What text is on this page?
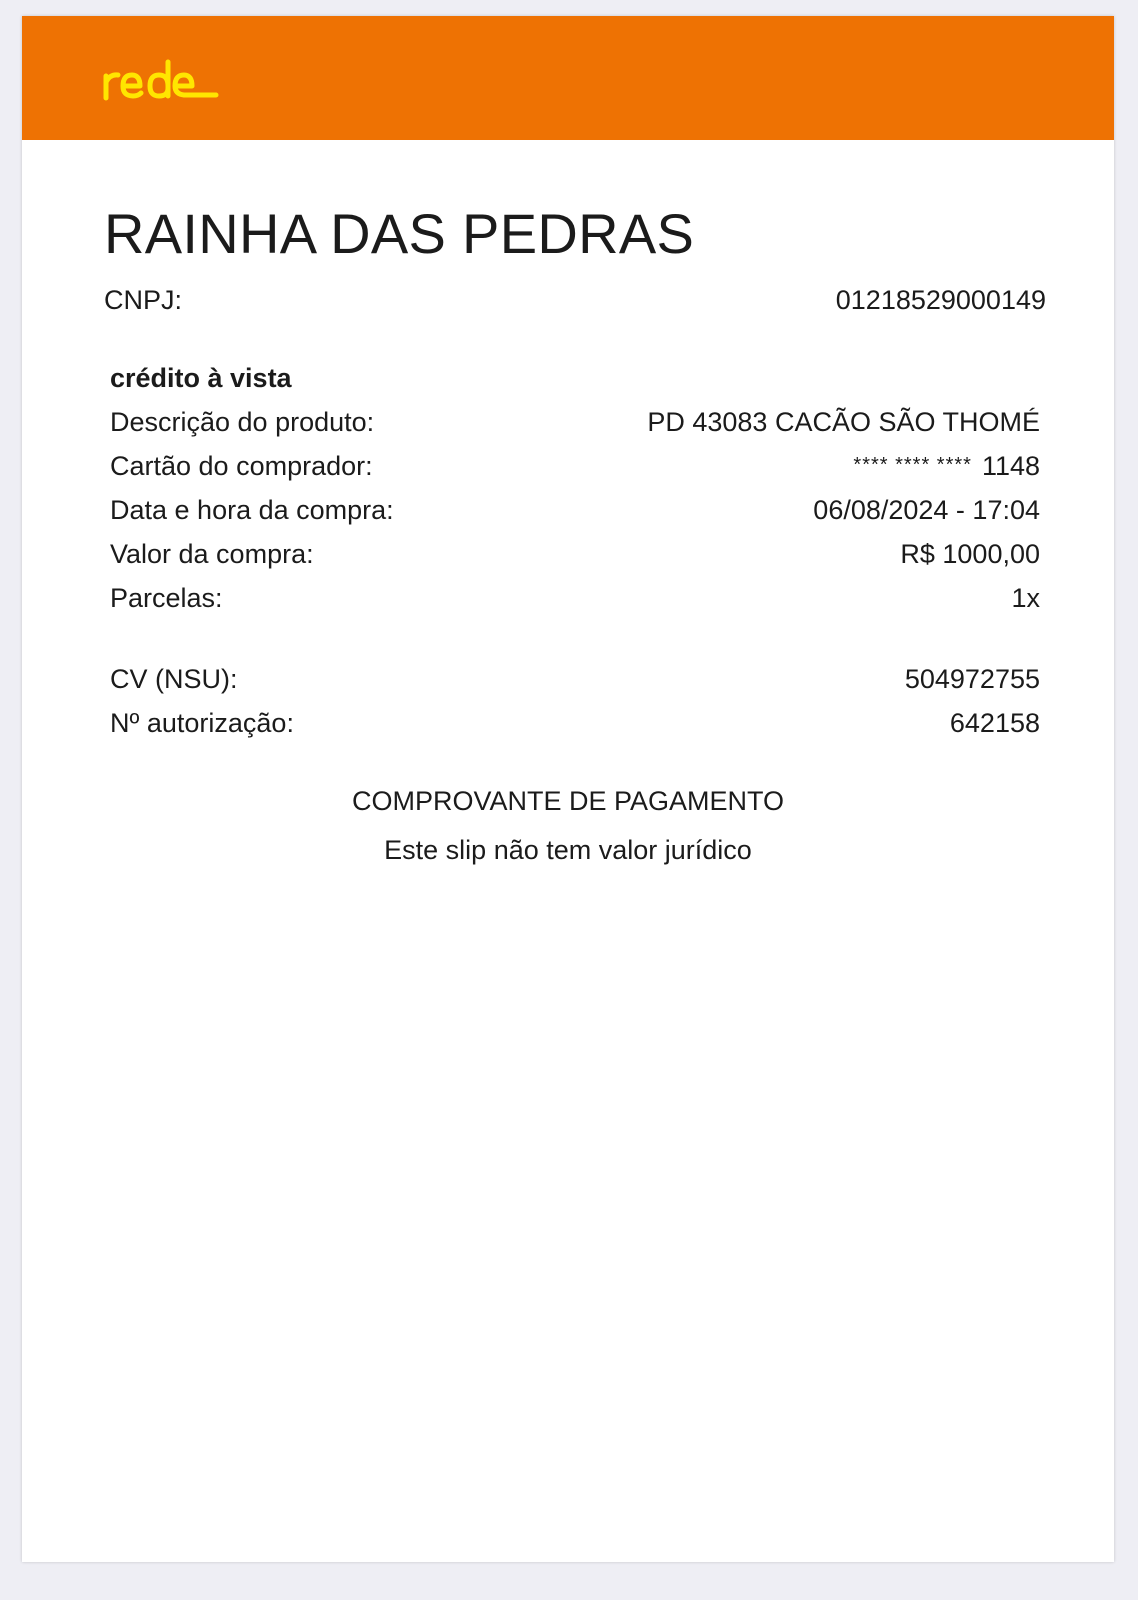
RAINHA DAS PEDRAS
CNPJ:	01218529000149
crédito à vista
Descrição do produto:	PD 43083 CACÃO SÃO THOMÉ
Cartão do comprador:	**** **** **** 1148
Data e hora da compra:	06/08/2024 - 17:04
Valor da compra:	R$ 1000,00
Parcelas:	1x
CV (NSU):	504972755
Nº autorização:	642158
COMPROVANTE DE PAGAMENTO
Este slip não tem valor jurídico
